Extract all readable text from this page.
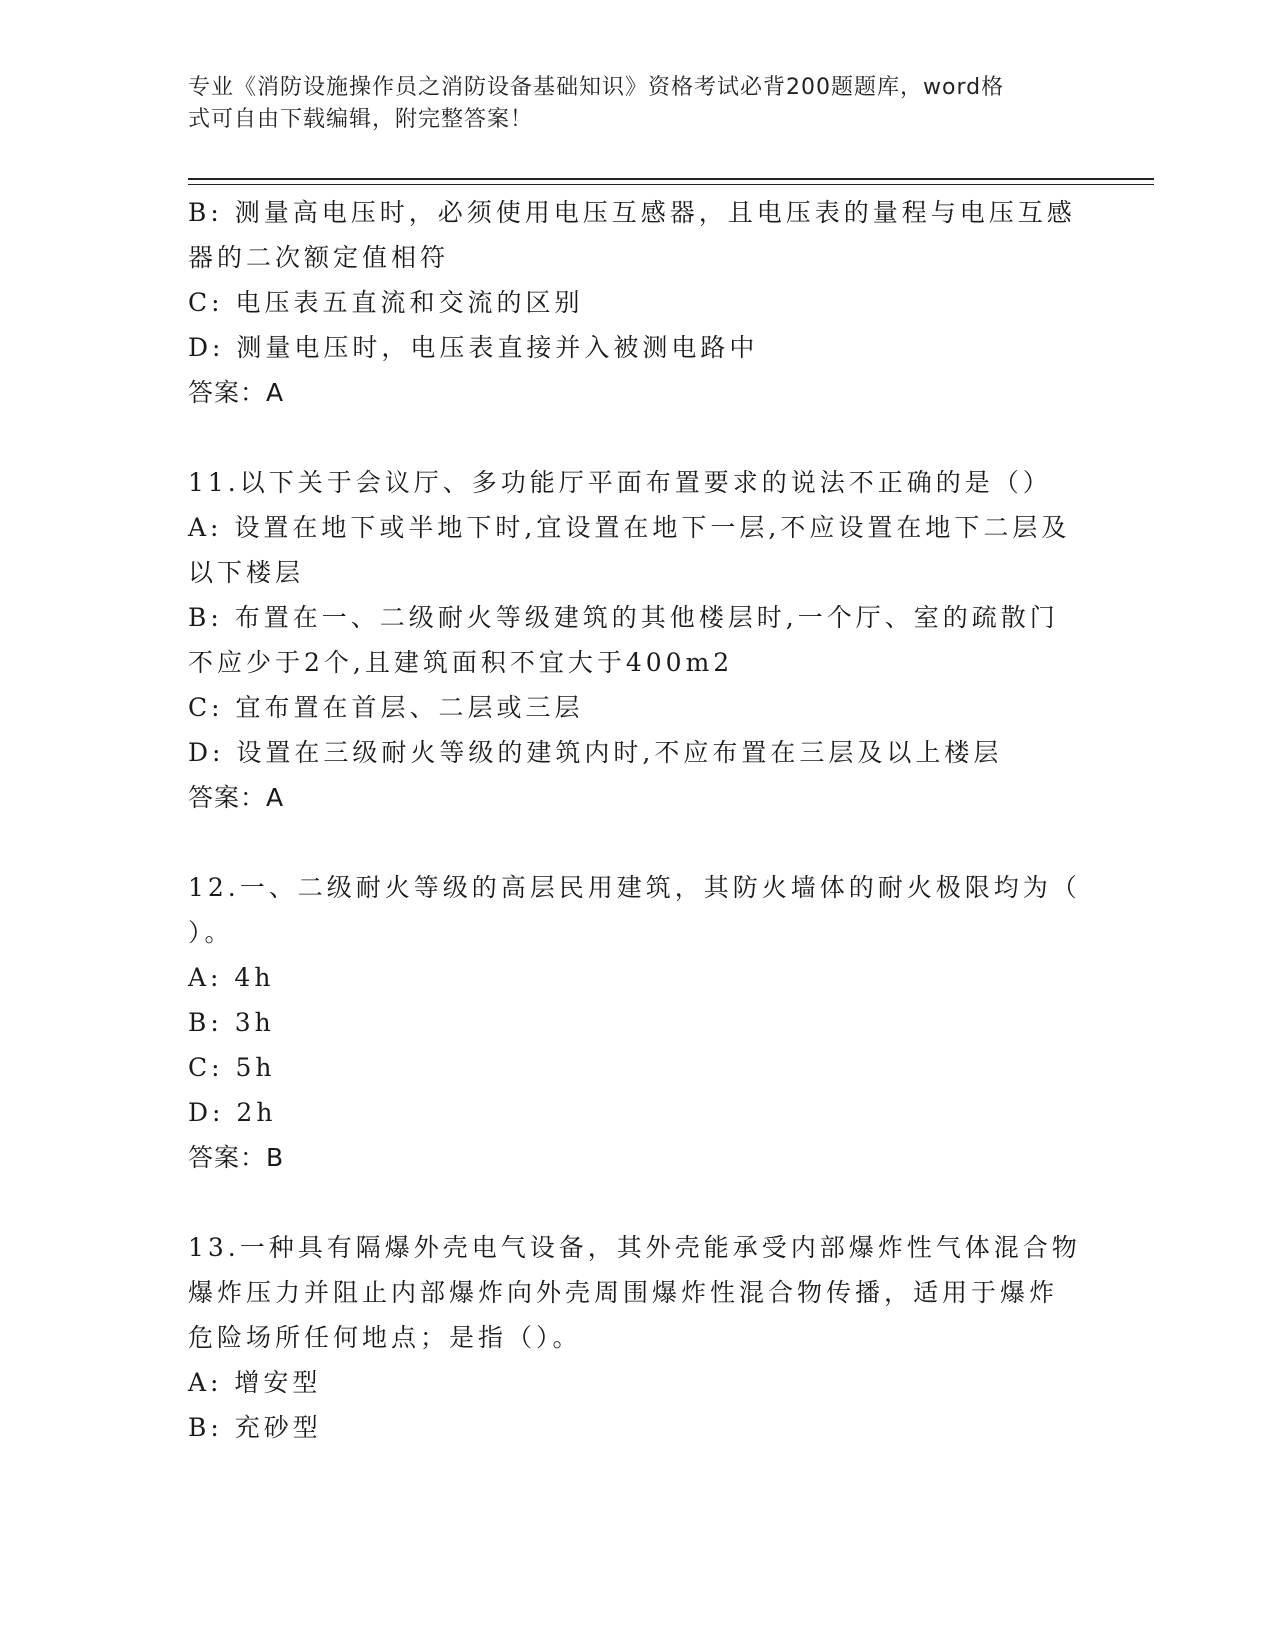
专业《消防设施操作员之消防设备基础知识》资格考试必背200题题库，word格
式可自由下载编辑，附完整答案！

B: 测量高电压时，必须使用电压互感器，且电压表的量程与电压互感

器的二次额定值相符

C: 电压表五直流和交流的区别

D: 测量电压时，电压表直接并入被测电路中

答案：A

11.以下关于会议厅、多功能厅平面布置要求的说法不正确的是（）

A: 设置在地下或半地下时,宜设置在地下一层,不应设置在地下二层及

以下楼层

B: 布置在一、二级耐火等级建筑的其他楼层时,一个厅、室的疏散门

不应少于2个,且建筑面积不宜大于400m2

C: 宜布置在首层、二层或三层

D: 设置在三级耐火等级的建筑内时,不应布置在三层及以上楼层

答案：A

12.一、二级耐火等级的高层民用建筑，其防火墙体的耐火极限均为（

）。

A: 4h

B: 3h

C: 5h

D: 2h

答案：B

13.一种具有隔爆外壳电气设备，其外壳能承受内部爆炸性气体混合物

爆炸压力并阻止内部爆炸向外壳周围爆炸性混合物传播，适用于爆炸

危险场所任何地点；是指（）。

A: 增安型

B: 充砂型
